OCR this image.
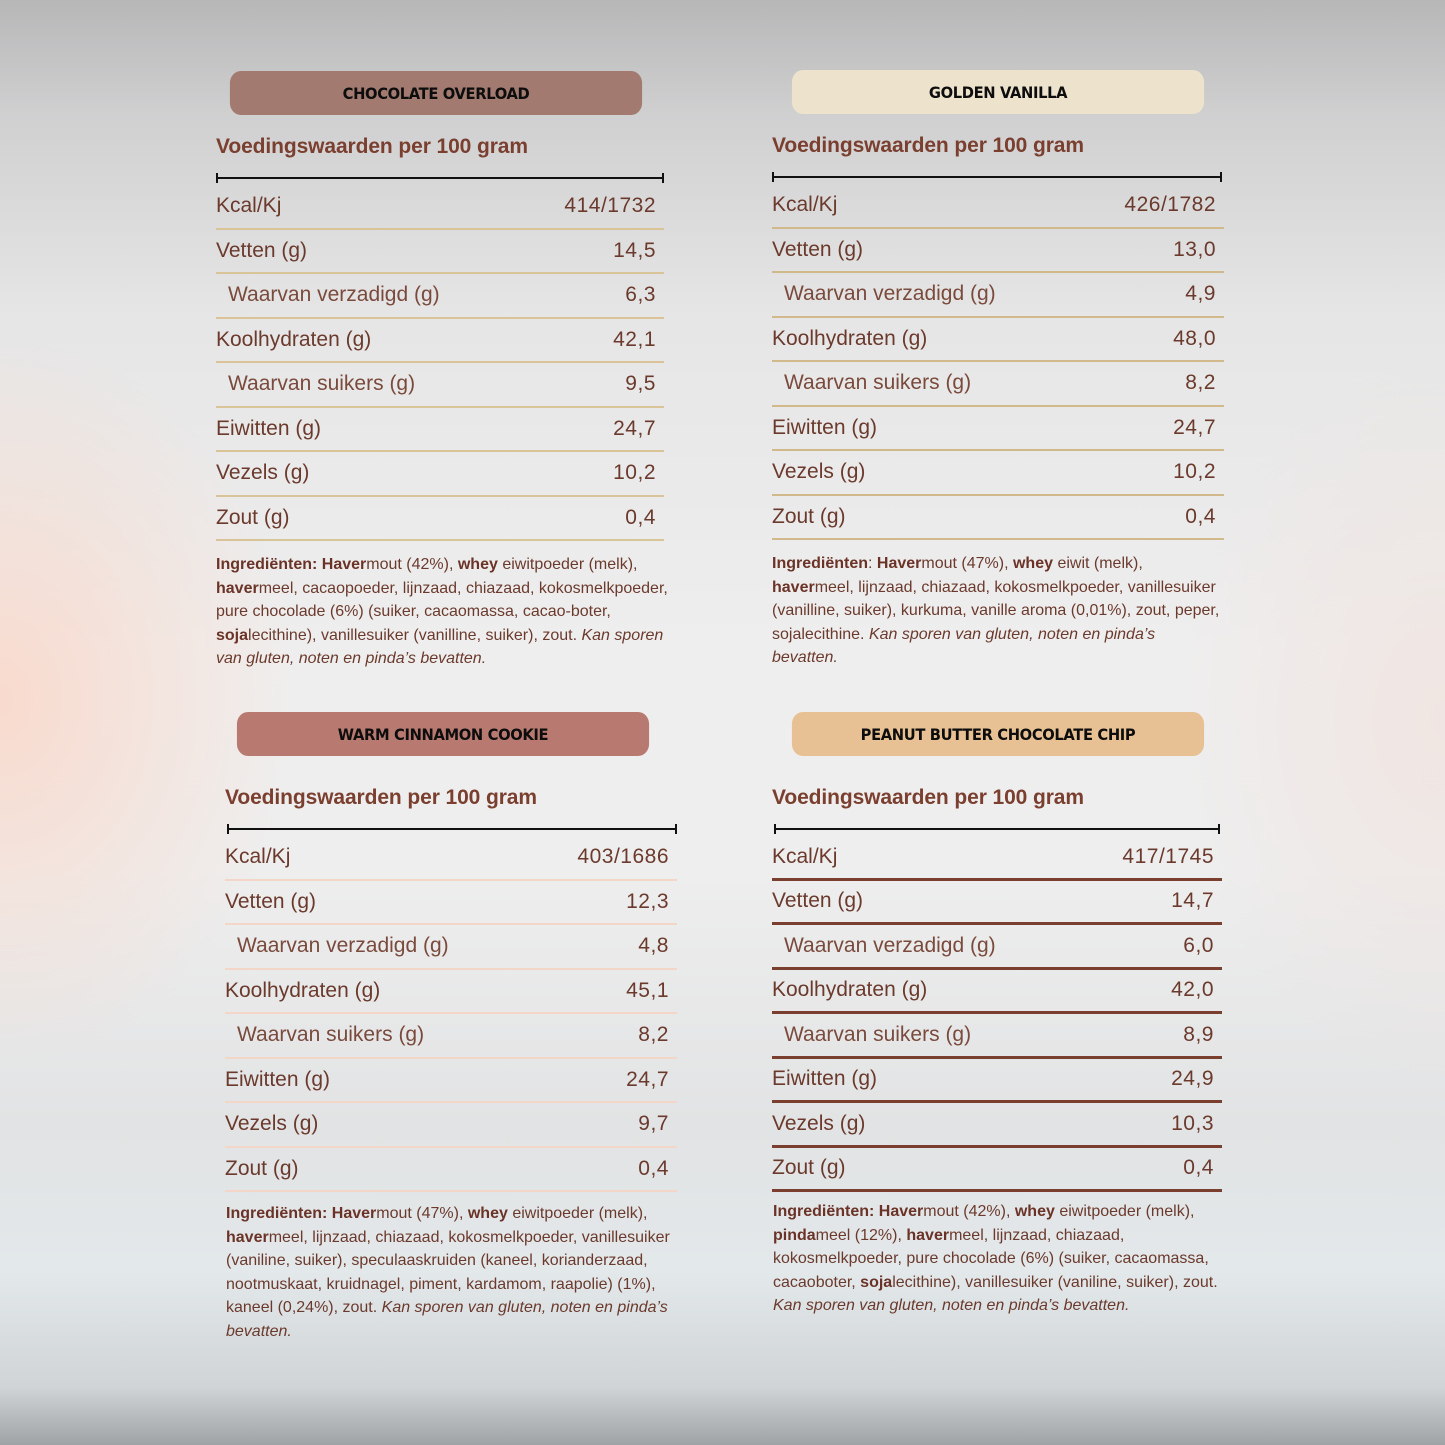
CHOCOLATE OVERLOAD
Voedingswaarden per 100 gram
Kcal/Kj	414/1732
Vetten (g)	14,5
Waarvan verzadigd (g)	6,3
Koolhydraten (g)	42,1
Waarvan suikers (g)	9,5
Eiwitten (g)	24,7
Vezels (g)	10,2
Zout (g)	0,4
Ingrediënten: Havermout (42%), whey eiwitpoeder (melk), havermeel, cacaopoeder, lijnzaad, chiazaad, kokosmelkpoeder, pure chocolade (6%) (suiker, cacaomassa, cacao-boter, sojalecithine), vanillesuiker (vanilline, suiker), zout. Kan sporen van gluten, noten en pinda’s bevatten.
GOLDEN VANILLA
Voedingswaarden per 100 gram
Kcal/Kj	426/1782
Vetten (g)	13,0
Waarvan verzadigd (g)	4,9
Koolhydraten (g)	48,0
Waarvan suikers (g)	8,2
Eiwitten (g)	24,7
Vezels (g)	10,2
Zout (g)	0,4
Ingrediënten: Havermout (47%), whey eiwit (melk), havermeel, lijnzaad, chiazaad, kokosmelkpoeder, vanillesuiker (vanilline, suiker), kurkuma, vanille aroma (0,01%), zout, peper, sojalecithine. Kan sporen van gluten, noten en pinda’s bevatten.
WARM CINNAMON COOKIE
Voedingswaarden per 100 gram
Kcal/Kj	403/1686
Vetten (g)	12,3
Waarvan verzadigd (g)	4,8
Koolhydraten (g)	45,1
Waarvan suikers (g)	8,2
Eiwitten (g)	24,7
Vezels (g)	9,7
Zout (g)	0,4
Ingrediënten: Havermout (47%), whey eiwitpoeder (melk), havermeel, lijnzaad, chiazaad, kokosmelkpoeder, vanillesuiker (vaniline, suiker), speculaaskruiden (kaneel, korianderzaad, nootmuskaat, kruidnagel, piment, kardamom, raapolie) (1%), kaneel (0,24%), zout. Kan sporen van gluten, noten en pinda’s bevatten.
PEANUT BUTTER CHOCOLATE CHIP
Voedingswaarden per 100 gram
Kcal/Kj	417/1745
Vetten (g)	14,7
Waarvan verzadigd (g)	6,0
Koolhydraten (g)	42,0
Waarvan suikers (g)	8,9
Eiwitten (g)	24,9
Vezels (g)	10,3
Zout (g)	0,4
Ingrediënten: Havermout (42%), whey eiwitpoeder (melk), pindameel (12%), havermeel, lijnzaad, chiazaad, kokosmelkpoeder, pure chocolade (6%) (suiker, cacaomassa, cacaoboter, sojalecithine), vanillesuiker (vaniline, suiker), zout. Kan sporen van gluten, noten en pinda’s bevatten.
